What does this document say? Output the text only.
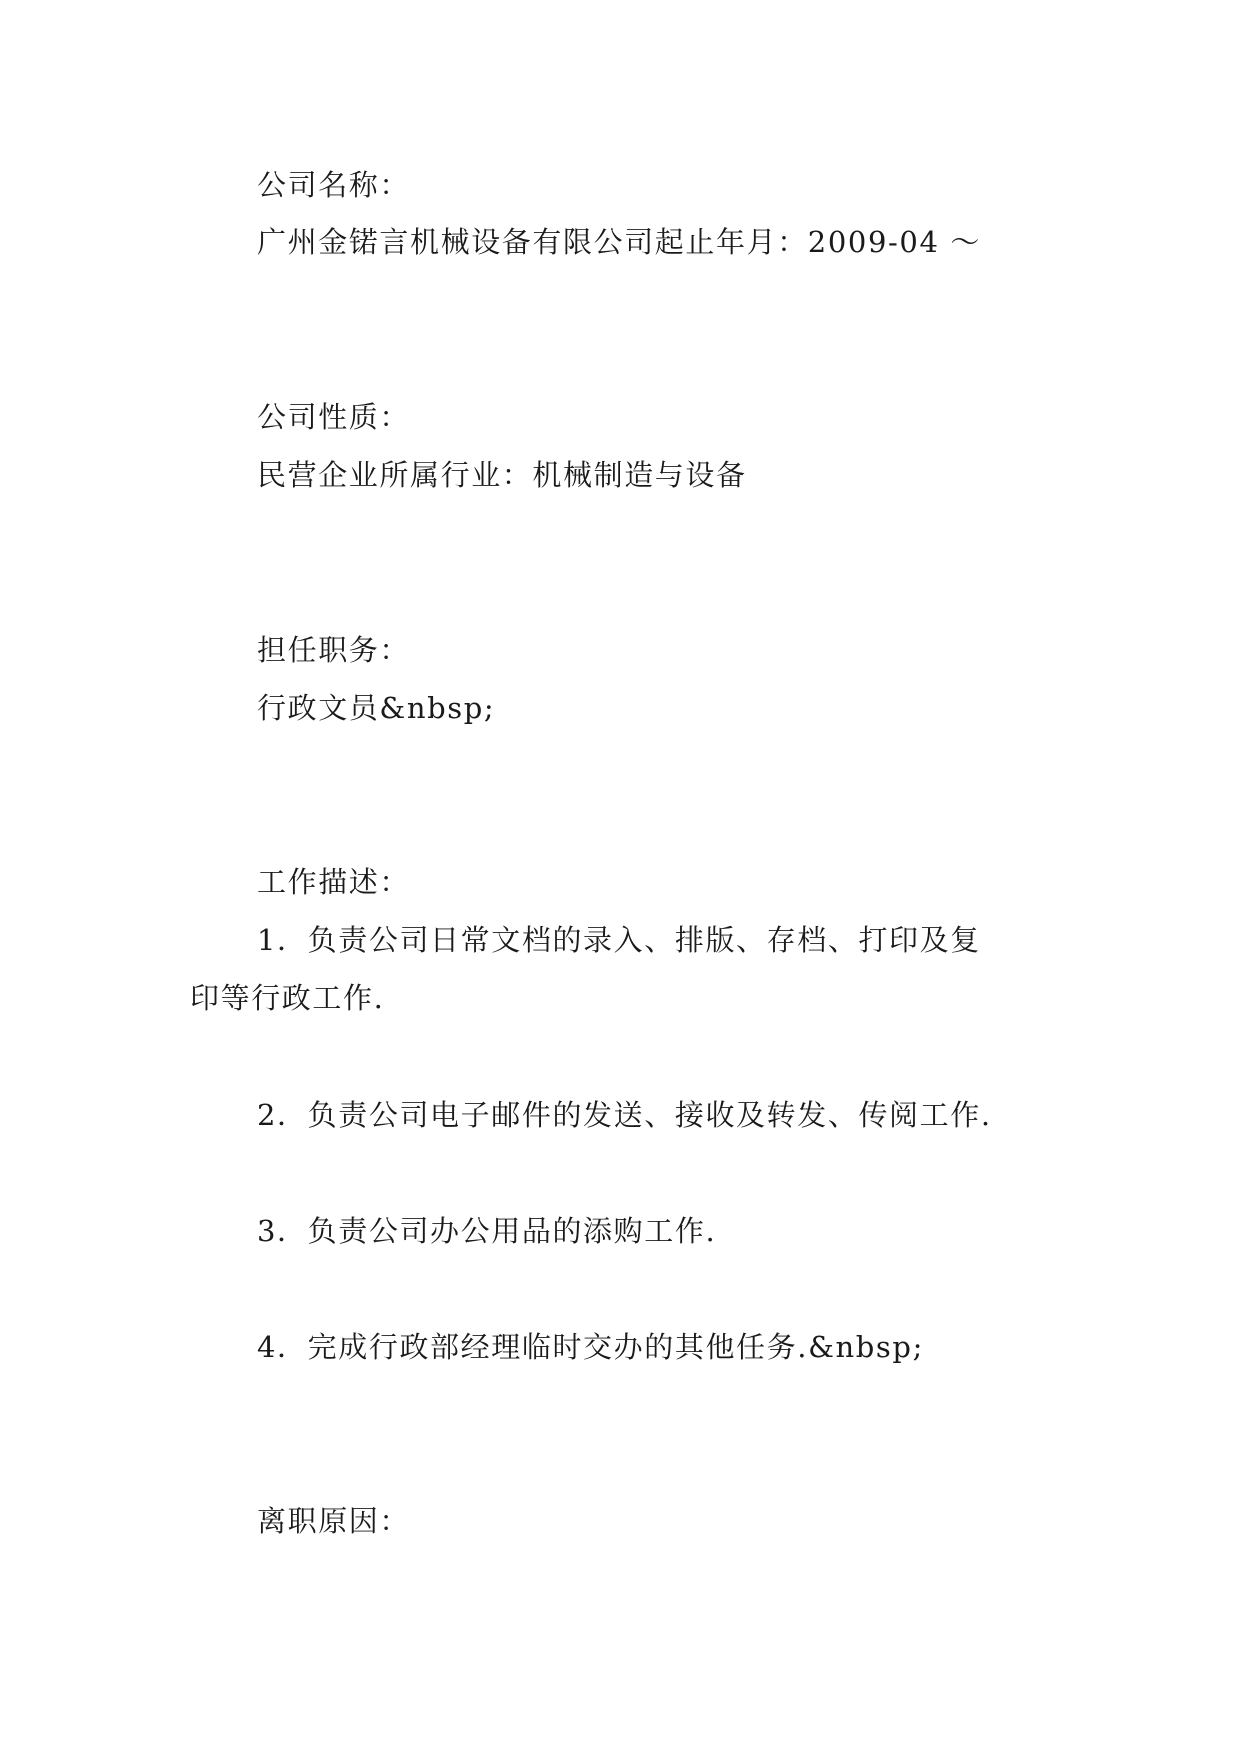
公司名称：

广州金锘言机械设备有限公司起止年月：2009-04 ～

公司性质：

民营企业所属行业：机械制造与设备

担任职务：

行政文员&nbsp;

工作描述：

1．负责公司日常文档的录入、排版、存档、打印及复

印等行政工作.

2．负责公司电子邮件的发送、接收及转发、传阅工作.

3．负责公司办公用品的添购工作.

4．完成行政部经理临时交办的其他任务.&nbsp;

离职原因：
